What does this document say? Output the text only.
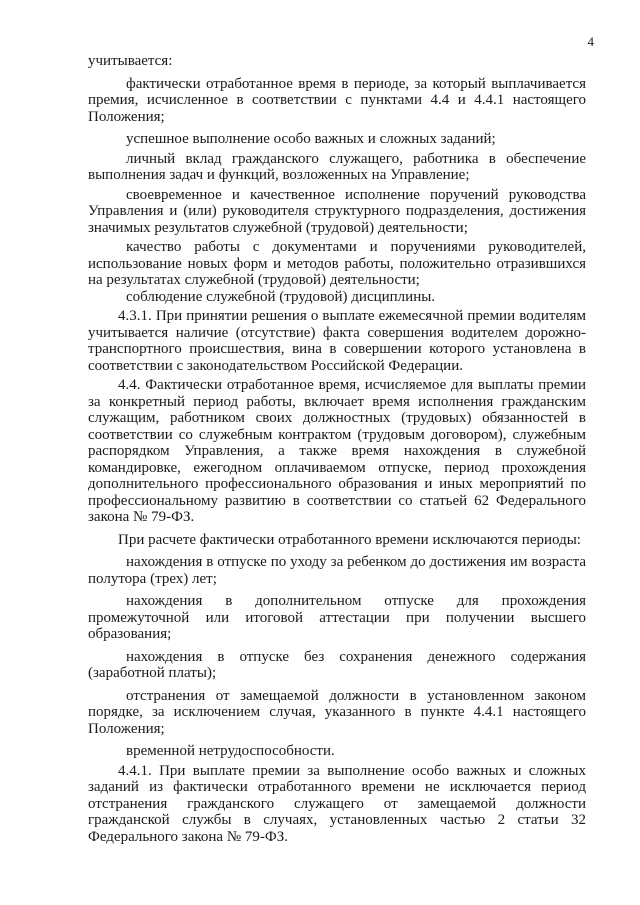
4

учитывается:

фактически отработанное время в периоде, за который выплачивается премия, исчисленное в соответствии с пунктами 4.4 и 4.4.1 настоящего Положения;

успешное выполнение особо важных и сложных заданий;

личный вклад гражданского служащего, работника в обеспечение выполнения задач и функций, возложенных на Управление;

своевременное и качественное исполнение поручений руководства Управления и (или) руководителя структурного подразделения, достижения значимых результатов служебной (трудовой) деятельности;

качество работы с документами и поручениями руководителей, использование новых форм и методов работы, положительно отразившихся на результатах служебной (трудовой) деятельности;

соблюдение служебной (трудовой) дисциплины.

4.3.1. При принятии решения о выплате ежемесячной премии водителям учитывается наличие (отсутствие) факта совершения водителем дорожно-транспортного происшествия, вина в совершении которого установлена в соответствии с законодательством Российской Федерации.

4.4. Фактически отработанное время, исчисляемое для выплаты премии за конкретный период работы, включает время исполнения гражданским служащим, работником своих должностных (трудовых) обязанностей в соответствии со служебным контрактом (трудовым договором), служебным распорядком Управления, а также время нахождения в служебной командировке, ежегодном оплачиваемом отпуске, период прохождения дополнительного профессионального образования и иных мероприятий по профессиональному развитию в соответствии со статьей 62 Федерального закона № 79-ФЗ.

При расчете фактически отработанного времени исключаются периоды:

нахождения в отпуске по уходу за ребенком до достижения им возраста полутора (трех) лет;

нахождения в дополнительном отпуске для прохождения промежуточной или итоговой аттестации при получении высшего образования;

нахождения в отпуске без сохранения денежного содержания (заработной платы);

отстранения от замещаемой должности в установленном законом порядке, за исключением случая, указанного в пункте 4.4.1 настоящего Положения;

временной нетрудоспособности.

4.4.1. При выплате премии за выполнение особо важных и сложных заданий из фактически отработанного времени не исключается период отстранения гражданского служащего от замещаемой должности гражданской службы в случаях, установленных частью 2 статьи 32 Федерального закона № 79-ФЗ.
